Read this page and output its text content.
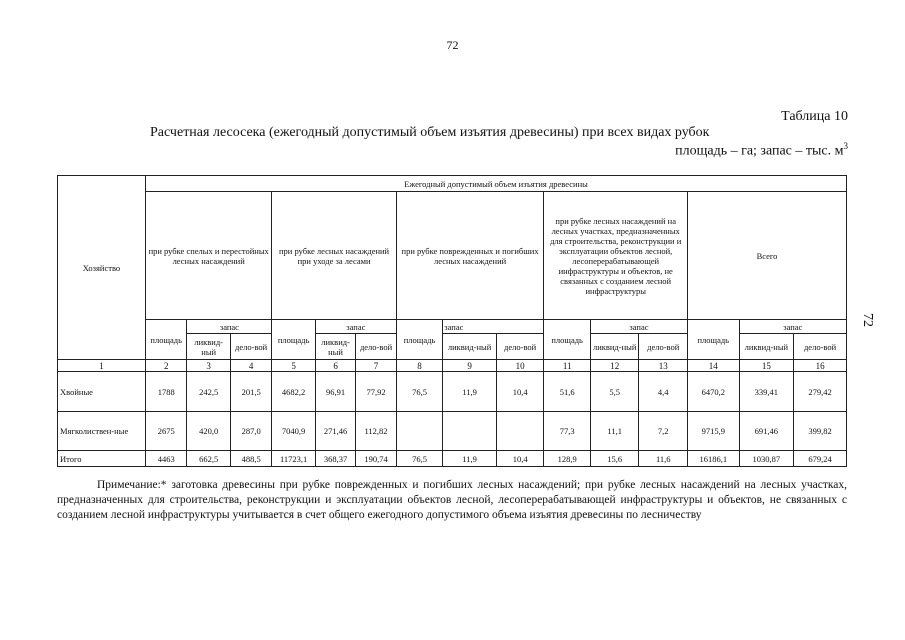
72
72
Таблица 10
Расчетная лесосека (ежегодный допустимый объем изъятия древесины) при всех видах рубок
площадь – га; запас – тыс. $м^3$
Хозяйство	Ежегодный допустимый объем изъятия древесины														
	при рубке спелых и перестойных лесных насаждений			при рубке лесных насаждений при уходе за лесами			при рубке поврежденных и погибших лесных насаждений			при рубке лесных насаждений на лесных участках, предназначенных для строительства, реконструкции и эксплуатации объектов лесной, лесоперерабатывающей инфраструктуры и объектов, не связанных с созданием лесной инфраструктуры			Всего		
	площадь	запас		площадь	запас		площадь	запас		площадь	запас		площадь	запас	
		ликвид-ный	дело-вой		ликвид-ный	дело-вой		ликвид-ный	дело-вой		ликвид-ный	дело-вой		ликвид-ный	дело-вой
1	2	3	4	5	6	7	8	9	10	11	12	13	14	15	16
Хвойные	1788	242,5	201,5	4682,2	96,91	77,92	76,5	11,9	10,4	51,6	5,5	4,4	6470,2	339,41	279,42
Мягколиствен-ные	2675	420,0	287,0	7040,9	271,46	112,82				77,3	11,1	7,2	9715,9	691,46	399,82
Итого	4463	662,5	488,5	11723,1	368,37	190,74	76,5	11,9	10,4	128,9	15,6	11,6	16186,1	1030,87	679,24
Примечание:* заготовка древесины при рубке поврежденных и погибших лесных насаждений; при рубке лесных насаждений на лесных участках, предназначенных для строительства, реконструкции и эксплуатации объектов лесной, лесоперерабатывающей инфраструктуры и объектов, не связанных с созданием лесной инфраструктуры учитывается в счет общего ежегодного допустимого объема изъятия древесины по лесничеству
